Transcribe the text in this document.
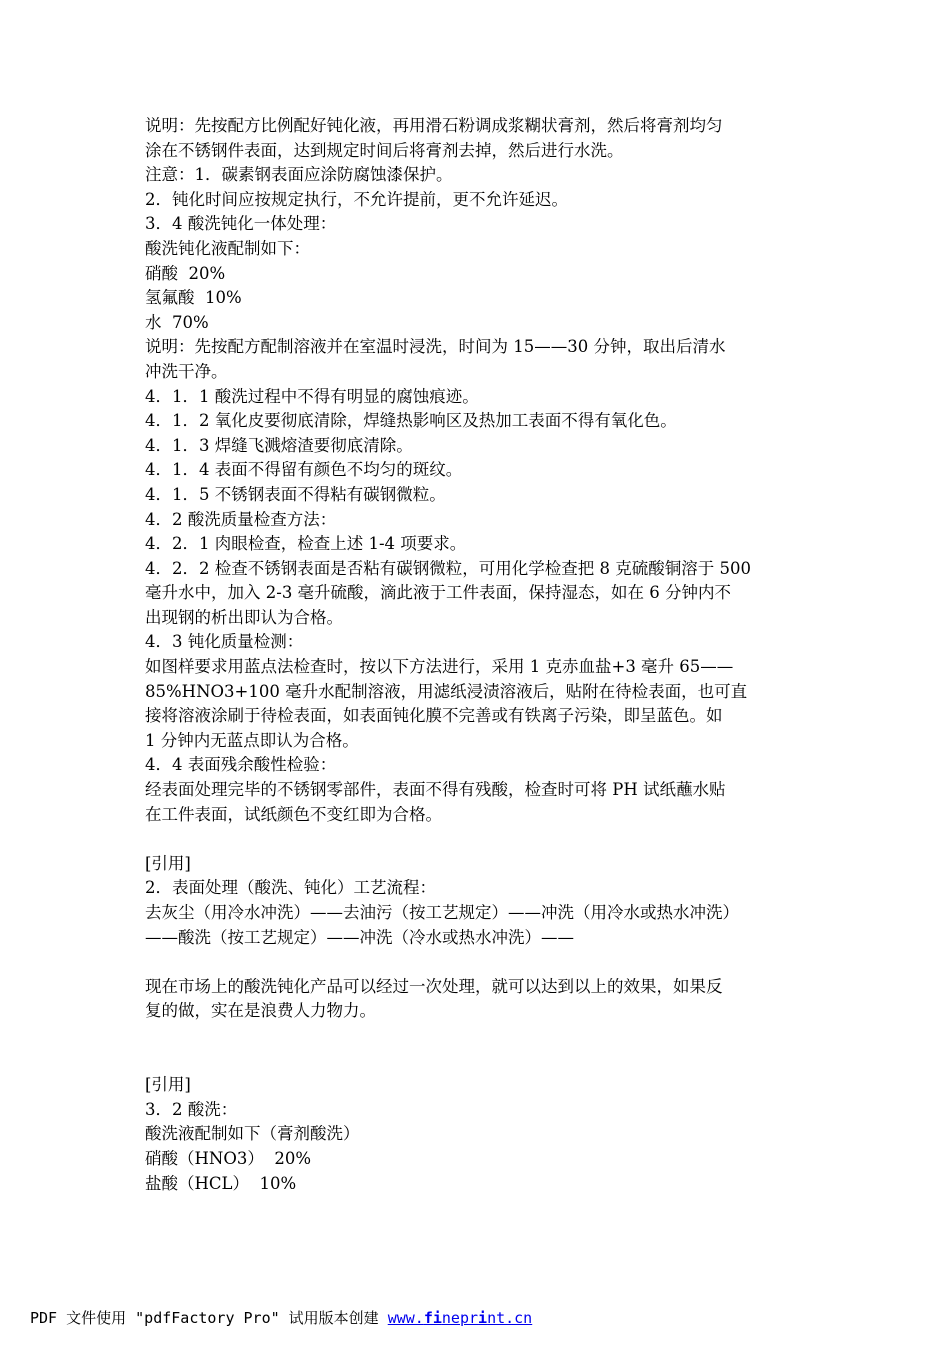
说明：先按配方比例配好钝化液，再用滑石粉调成浆糊状膏剂，然后将膏剂均匀
涂在不锈钢件表面，达到规定时间后将膏剂去掉，然后进行水洗。
注意：1．碳素钢表面应涂防腐蚀漆保护。
2．钝化时间应按规定执行，不允许提前，更不允许延迟。
3．4 酸洗钝化一体处理：
酸洗钝化液配制如下：
硝酸  20%
氢氟酸  10%
水  70%
说明：先按配方配制溶液并在室温时浸洗，时间为 15——30 分钟，取出后清水
冲洗干净。
4．1．1 酸洗过程中不得有明显的腐蚀痕迹。
4．1．2 氧化皮要彻底清除，焊缝热影响区及热加工表面不得有氧化色。
4．1．3 焊缝飞溅熔渣要彻底清除。
4．1．4 表面不得留有颜色不均匀的斑纹。
4．1．5 不锈钢表面不得粘有碳钢微粒。
4．2 酸洗质量检查方法：
4．2．1 肉眼检查，检查上述 1-4 项要求。
4．2．2 检查不锈钢表面是否粘有碳钢微粒，可用化学检查把 8 克硫酸铜溶于 500
毫升水中，加入 2-3 毫升硫酸，滴此液于工件表面，保持湿态，如在 6 分钟内不
出现钢的析出即认为合格。
4．3 钝化质量检测：
如图样要求用蓝点法检查时，按以下方法进行，采用 1 克赤血盐+3 毫升 65——
85%HNO3+100 毫升水配制溶液，用滤纸浸渍溶液后，贴附在待检表面，也可直
接将溶液涂刷于待检表面，如表面钝化膜不完善或有铁离子污染，即呈蓝色。如
1 分钟内无蓝点即认为合格。
4．4 表面残余酸性检验：
经表面处理完毕的不锈钢零部件，表面不得有残酸，检查时可将 PH 试纸蘸水贴
在工件表面，试纸颜色不变红即为合格。
[引用]
2．表面处理（酸洗、钝化）工艺流程：
去灰尘（用冷水冲洗）——去油污（按工艺规定）——冲洗（用冷水或热水冲洗）
——酸洗（按工艺规定）——冲洗（冷水或热水冲洗）——
现在市场上的酸洗钝化产品可以经过一次处理，就可以达到以上的效果，如果反
复的做，实在是浪费人力物力。
[引用]
3．2 酸洗：
酸洗液配制如下（膏剂酸洗）
硝酸（HNO3）  20%
盐酸（HCL）  10%
PDF 文件使用 "pdfFactory Pro" 试用版本创建 www.fineprint.cn
